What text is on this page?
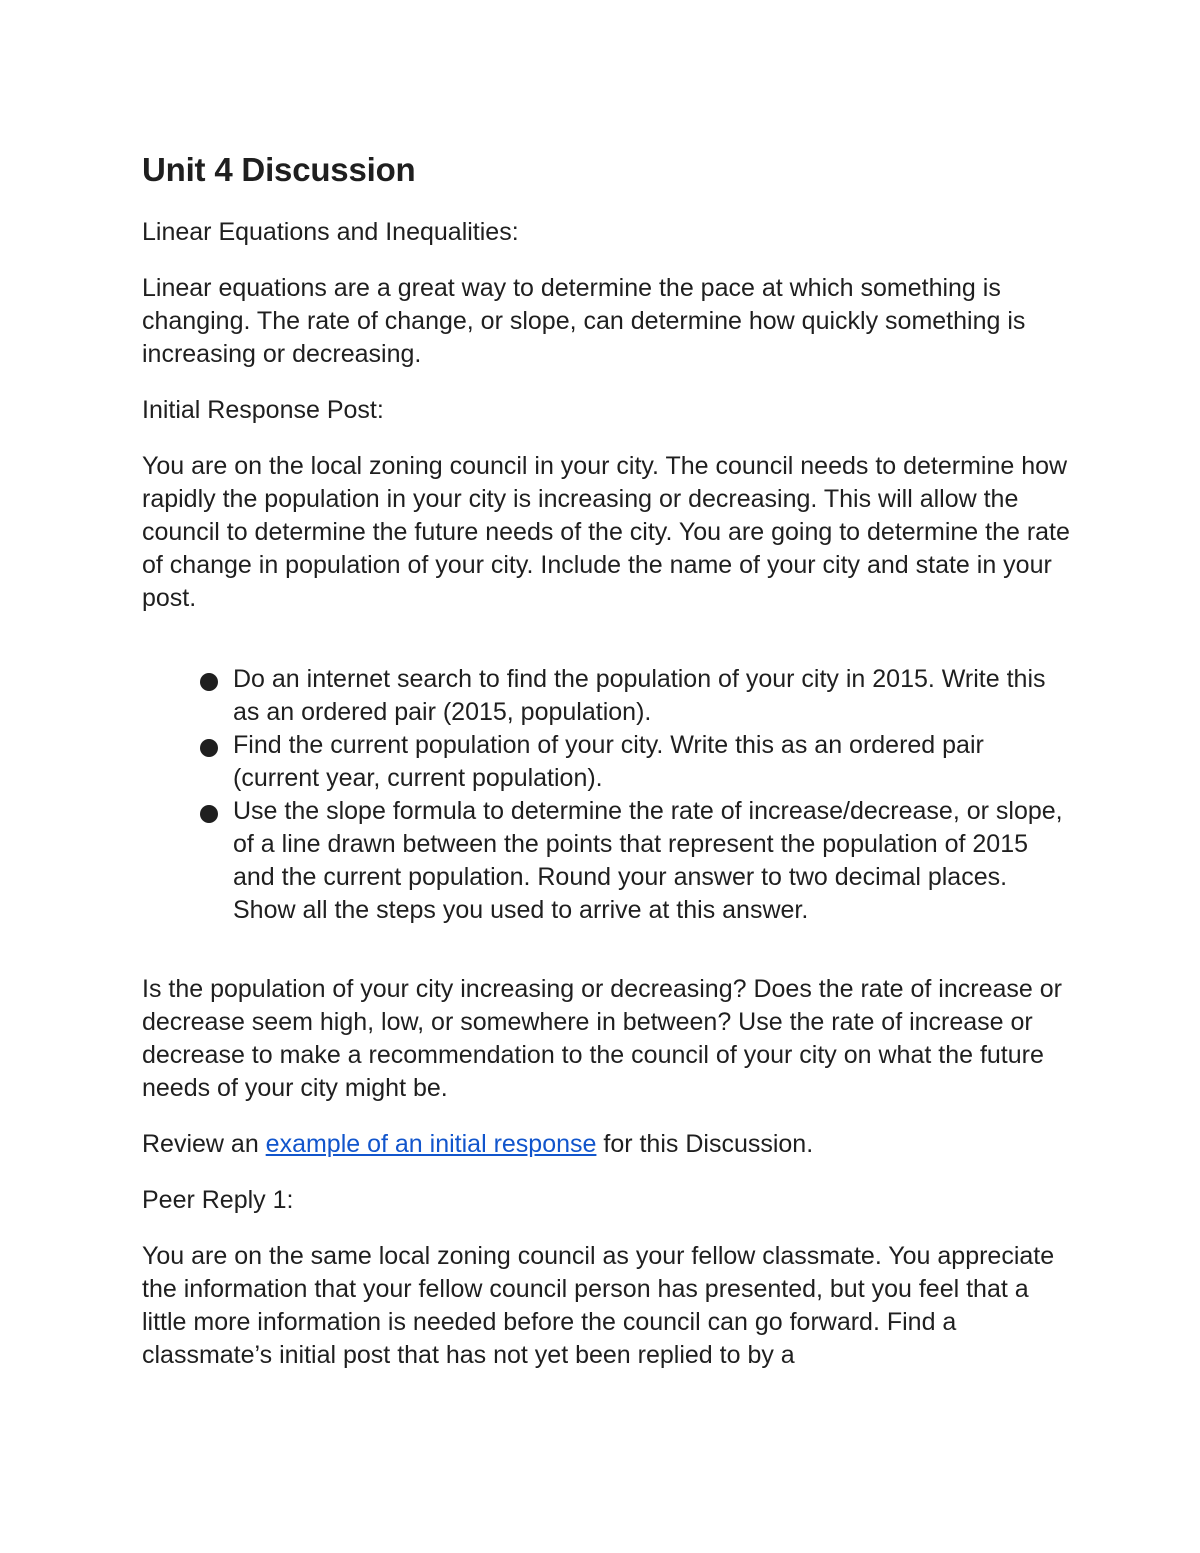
Unit 4 Discussion

Linear Equations and Inequalities:

Linear equations are a great way to determine the pace at which something is changing. The rate of change, or slope, can determine how quickly something is increasing or decreasing.

Initial Response Post:

You are on the local zoning council in your city. The council needs to determine how rapidly the population in your city is increasing or decreasing. This will allow the council to determine the future needs of the city. You are going to determine the rate of change in population of your city. Include the name of your city and state in your post.

Do an internet search to find the population of your city in 2015. Write this as an ordered pair (2015, population).
Find the current population of your city. Write this as an ordered pair (current year, current population).
Use the slope formula to determine the rate of increase/decrease, or slope, of a line drawn between the points that represent the population of 2015 and the current population. Round your answer to two decimal places. Show all the steps you used to arrive at this answer.

Is the population of your city increasing or decreasing? Does the rate of increase or decrease seem high, low, or somewhere in between? Use the rate of increase or decrease to make a recommendation to the council of your city on what the future needs of your city might be.

Review an example of an initial response for this Discussion.

Peer Reply 1:

You are on the same local zoning council as your fellow classmate. You appreciate the information that your fellow council person has presented, but you feel that a little more information is needed before the council can go forward. Find a classmate’s initial post that has not yet been replied to by a
